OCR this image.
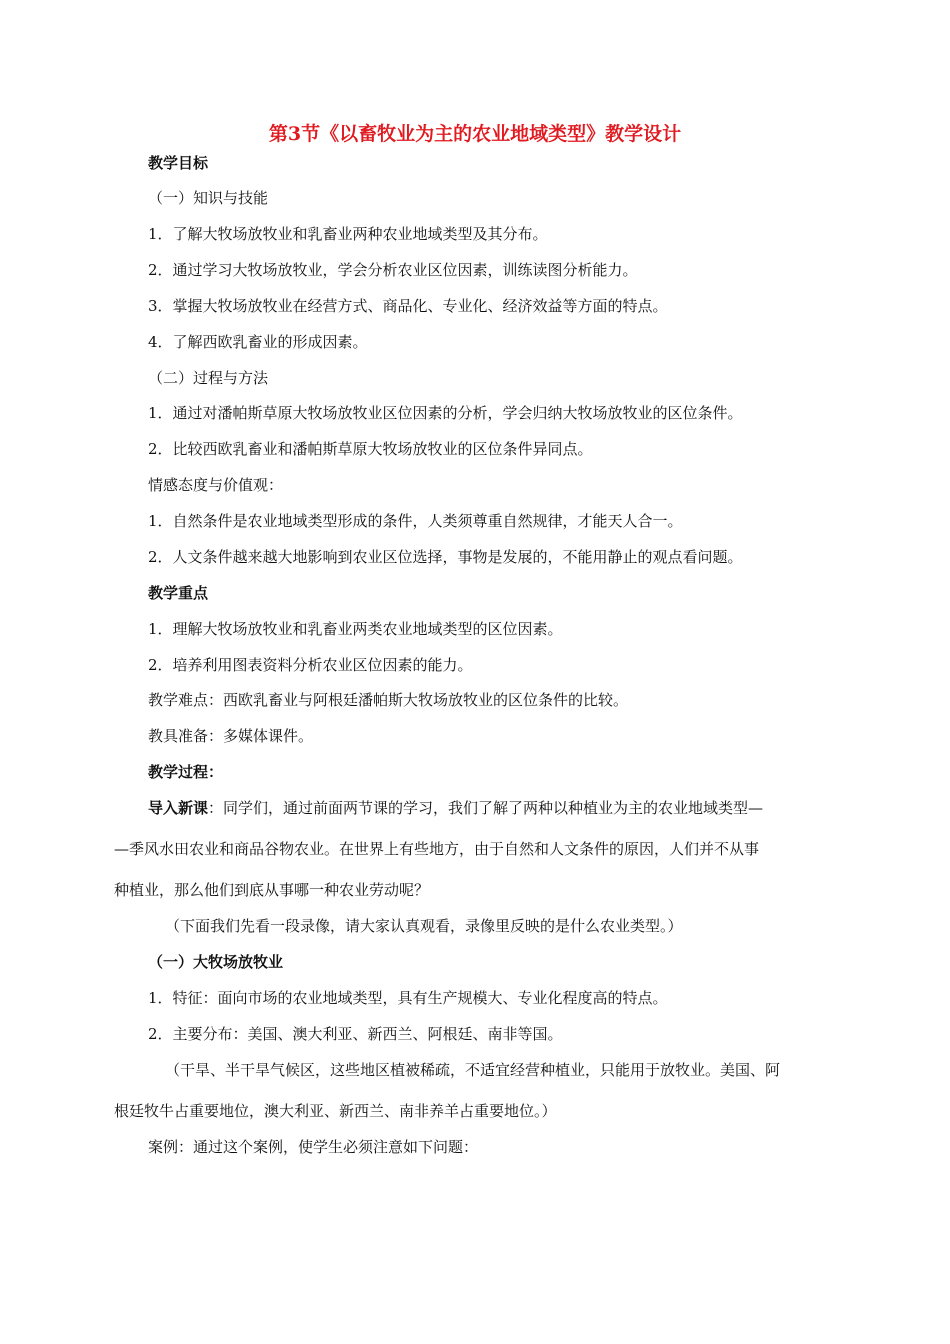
第3节《以畜牧业为主的农业地域类型》教学设计
教学目标
（一）知识与技能
1．了解大牧场放牧业和乳畜业两种农业地域类型及其分布。
2．通过学习大牧场放牧业，学会分析农业区位因素，训练读图分析能力。
3．掌握大牧场放牧业在经营方式、商品化、专业化、经济效益等方面的特点。
4．了解西欧乳畜业的形成因素。
（二）过程与方法
1．通过对潘帕斯草原大牧场放牧业区位因素的分析，学会归纳大牧场放牧业的区位条件。
2．比较西欧乳畜业和潘帕斯草原大牧场放牧业的区位条件异同点。
情感态度与价值观：
1．自然条件是农业地域类型形成的条件，人类须尊重自然规律，才能天人合一。
2．人文条件越来越大地影响到农业区位选择，事物是发展的，不能用静止的观点看问题。
教学重点
1．理解大牧场放牧业和乳畜业两类农业地域类型的区位因素。
2．培养利用图表资料分析农业区位因素的能力。
教学难点：西欧乳畜业与阿根廷潘帕斯大牧场放牧业的区位条件的比较。
教具准备：多媒体课件。
教学过程：
导入新课：同学们，通过前面两节课的学习，我们了解了两种以种植业为主的农业地域类型—
—季风水田农业和商品谷物农业。在世界上有些地方，由于自然和人文条件的原因，人们并不从事
种植业，那么他们到底从事哪一种农业劳动呢？
（下面我们先看一段录像，请大家认真观看，录像里反映的是什么农业类型。）
（一）大牧场放牧业
1．特征：面向市场的农业地域类型，具有生产规模大、专业化程度高的特点。
2．主要分布：美国、澳大利亚、新西兰、阿根廷、南非等国。
（干旱、半干旱气候区，这些地区植被稀疏，不适宜经营种植业，只能用于放牧业。美国、阿
根廷牧牛占重要地位，澳大利亚、新西兰、南非养羊占重要地位。）
案例：通过这个案例，使学生必须注意如下问题：
